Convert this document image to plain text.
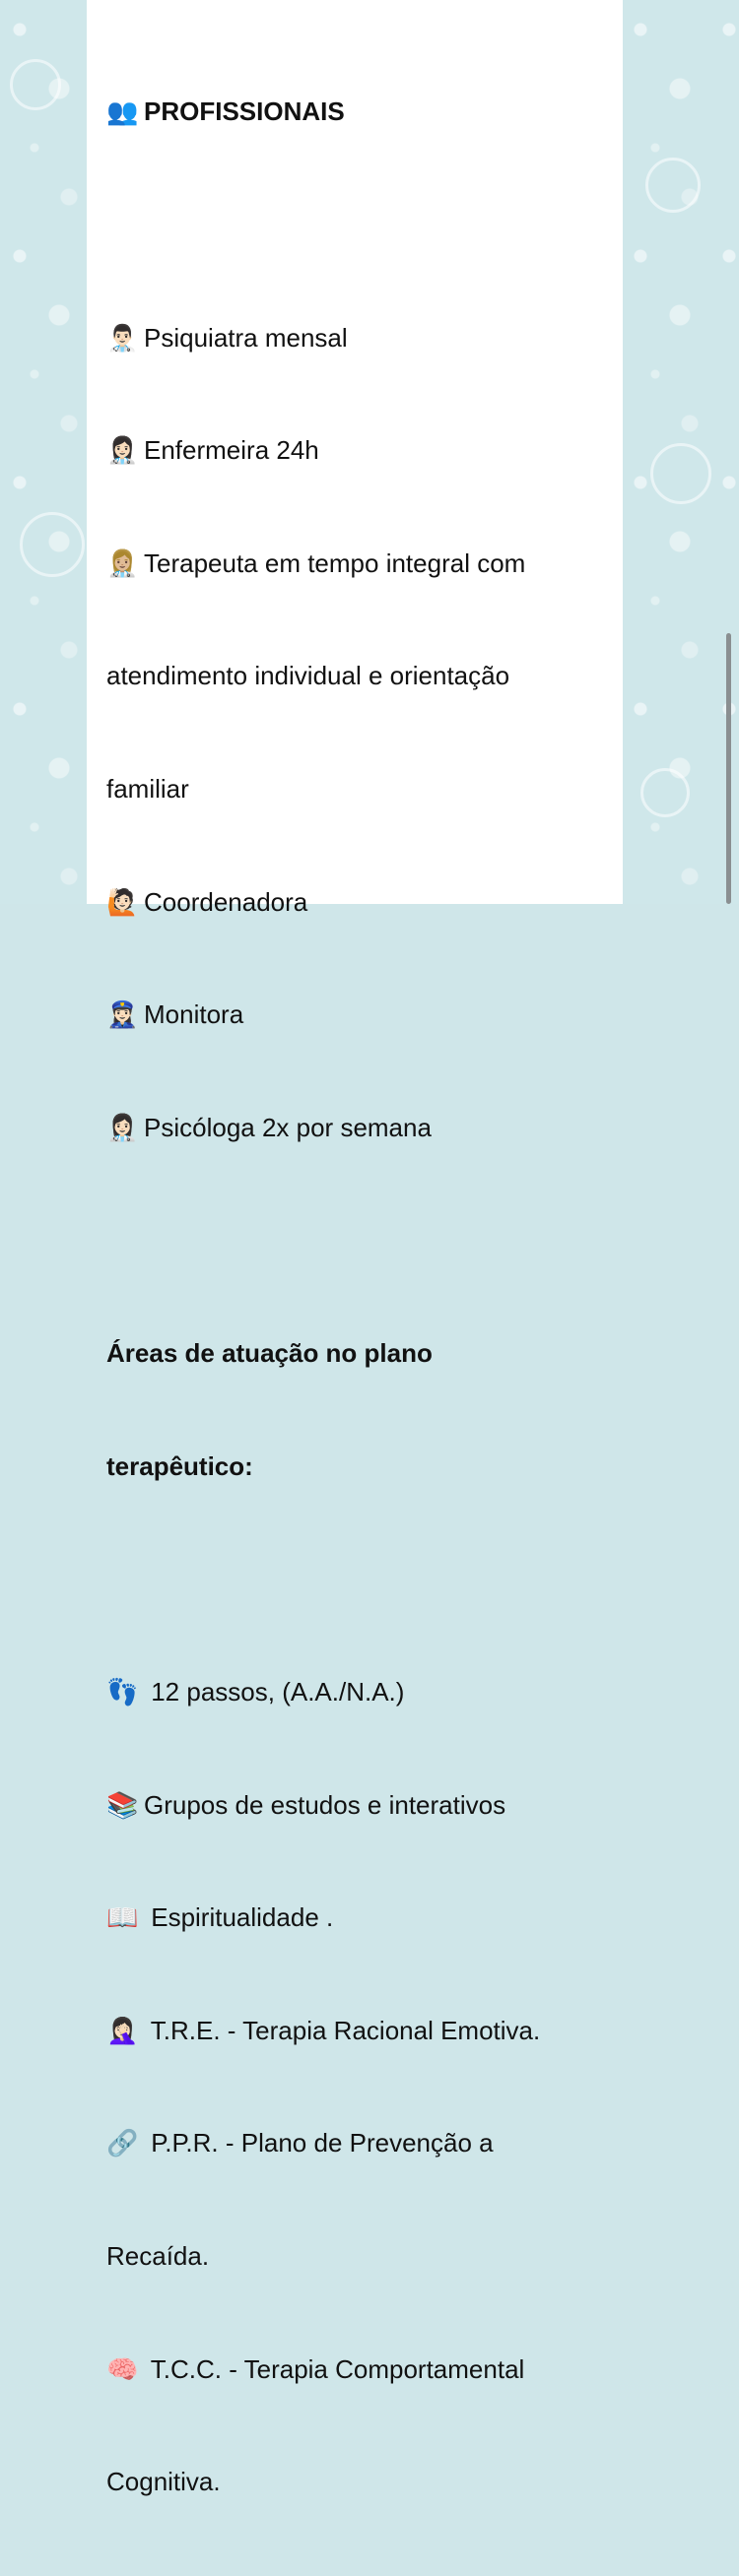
👥 PROFISSIONAIS

👨🏻‍⚕️ Psiquiatra mensal

👩🏻‍⚕️ Enfermeira 24h

👩🏼‍⚕️ Terapeuta em tempo integral com

atendimento individual e orientação

familiar

🙋🏻 Coordenadora

👮🏻‍♀️ Monitora

👩🏻‍⚕️ Psicóloga 2x por semana

Áreas de atuação no plano

terapêutico:

👣 12 passos, (A.A./N.A.)

📚 Grupos de estudos e interativos

📖 Espiritualidade .

🤦🏻‍♀️ T.R.E. - Terapia Racional Emotiva.

🔗 P.P.R. - Plano de Prevenção a

Recaída.

🧠 T.C.C. - Terapia Comportamental

Cognitiva.
